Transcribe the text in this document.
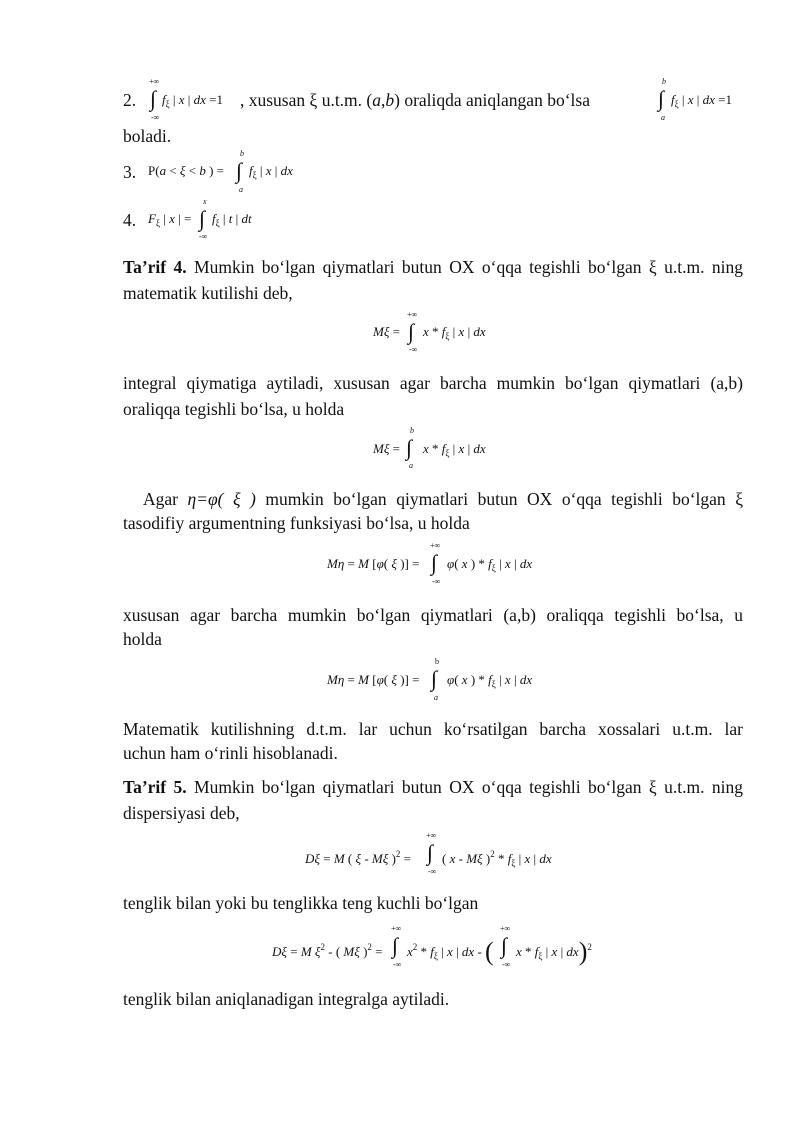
2.
+∞
∫
-∞
$f_\xi$ | x | dx =1 , xususan ξ u.t.m. (a,b) oraliqda aniqlangan boʻlsa
b
∫
a
$f_\xi$ | x | dx =1
boladi.
3. P(a < ξ < b ) =
b
∫
a
$f_\xi$ | x | dx
4. $F_\xi$ | x | =
x
∫
-∞
$f_\xi$ | t | dt
Ta’rif 4. Mumkin boʻlgan qiymatlari butun OX oʻqqa tegishli boʻlgan ξ u.t.m. ning
matematik kutilishi deb,
Mξ =
+∞
∫
-∞
x * $f_\xi$ | x | dx
integral qiymatiga aytiladi, xususan agar barcha mumkin boʻlgan qiymatlari (a,b)
oraliqqa tegishli boʻlsa, u holda
Mξ =
b
∫
a
x * $f_\xi$ | x | dx
Agar η=φ( ξ ) mumkin boʻlgan qiymatlari butun OX oʻqqa tegishli boʻlgan ξ
tasodifiy argumentning funksiyasi boʻlsa, u holda
Mη = M [φ( ξ )] =
+∞
∫
-∞
φ( x ) * $f_\xi$ | x | dx
xususan agar barcha mumkin boʻlgan qiymatlari (a,b) oraliqqa tegishli boʻlsa, u
holda
Mη = M [φ( ξ )] =
b
∫
a
φ( x ) * $f_\xi$ | x | dx
Matematik kutilishning d.t.m. lar uchun koʻrsatilgan barcha xossalari u.t.m. lar
uchun ham oʻrinli hisoblanadi.
Ta’rif 5. Mumkin boʻlgan qiymatlari butun OX oʻqqa tegishli boʻlgan ξ u.t.m. ning
dispersiyasi deb,
Dξ = M ( ξ - Mξ )$^2$ =
+∞
∫
-∞
( x - Mξ )$^2 * f_\xi$ | x | dx
tenglik bilan yoki bu tenglikka teng kuchli boʻlgan
Dξ = M $\xi^2$ - ( Mξ )$^2$ =
+∞
∫
-∞
$x^2 * f_\xi$ | x | dx - (
+∞
∫
-∞
x * $f_\xi$ | x | dx)$^2$
tenglik bilan aniqlanadigan integralga aytiladi.
